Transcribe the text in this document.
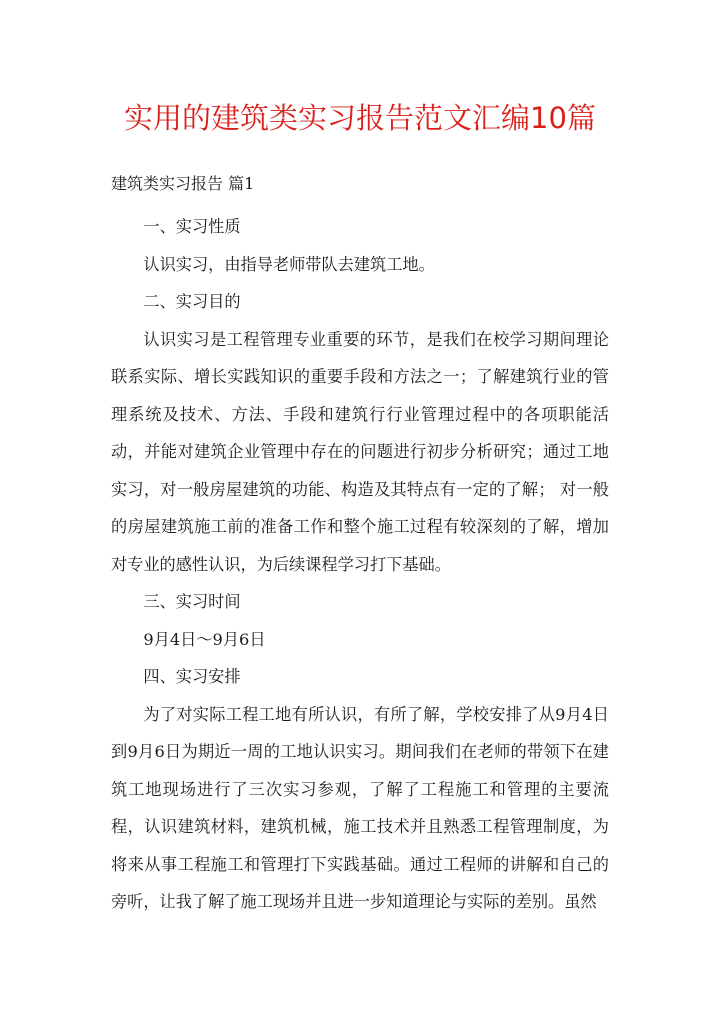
实用的建筑类实习报告范文汇编10篇
建筑类实习报告 篇1

一、实习性质

认识实习，由指导老师带队去建筑工地。

二、实习目的

认识实习是工程管理专业重要的环节，是我们在校学习期间理论联系实际、增长实践知识的重要手段和方法之一；了解建筑行业的管理系统及技术、方法、手段和建筑行行业管理过程中的各项职能活动，并能对建筑企业管理中存在的问题进行初步分析研究；通过工地实习，对一般房屋建筑的功能、构造及其特点有一定的了解； 对一般的房屋建筑施工前的准备工作和整个施工过程有较深刻的了解，增加对专业的感性认识，为后续课程学习打下基础。

三、实习时间

9月4日～9月6日

四、实习安排

为了对实际工程工地有所认识，有所了解，学校安排了从9月4日到9月6日为期近一周的工地认识实习。期间我们在老师的带领下在建筑工地现场进行了三次实习参观，了解了工程施工和管理的主要流程，认识建筑材料，建筑机械，施工技术并且熟悉工程管理制度，为将来从事工程施工和管理打下实践基础。通过工程师的讲解和自己的旁听，让我了解了施工现场并且进一步知道理论与实际的差别。虽然
